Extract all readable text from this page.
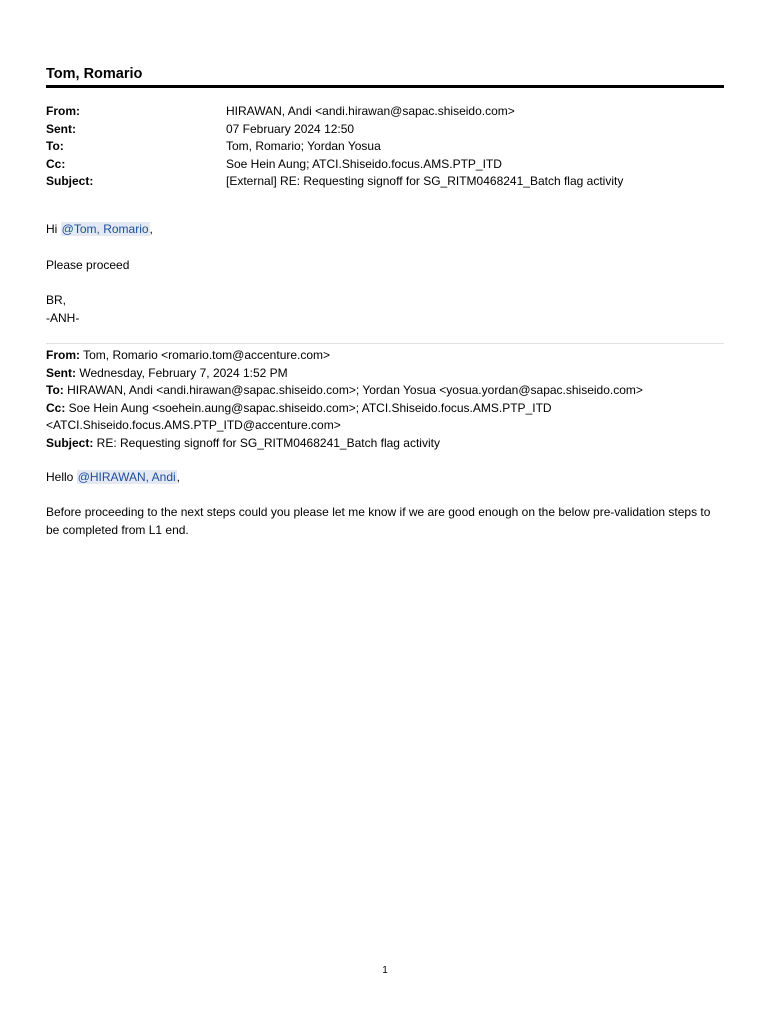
Tom, Romario
From:	HIRAWAN, Andi <andi.hirawan@sapac.shiseido.com>
Sent:	07 February 2024 12:50
To:	Tom, Romario; Yordan Yosua
Cc:	Soe Hein Aung; ATCI.Shiseido.focus.AMS.PTP_ITD
Subject:	[External] RE: Requesting signoff for SG_RITM0468241_Batch flag activity
Hi @Tom, Romario,
Please proceed
BR,
-ANH-
From: Tom, Romario <romario.tom@accenture.com>
Sent: Wednesday, February 7, 2024 1:52 PM
To: HIRAWAN, Andi <andi.hirawan@sapac.shiseido.com>; Yordan Yosua <yosua.yordan@sapac.shiseido.com>
Cc: Soe Hein Aung <soehein.aung@sapac.shiseido.com>; ATCI.Shiseido.focus.AMS.PTP_ITD
<ATCI.Shiseido.focus.AMS.PTP_ITD@accenture.com>
Subject: RE: Requesting signoff for SG_RITM0468241_Batch flag activity
Hello @HIRAWAN, Andi,
Before proceeding to the next steps could you please let me know if we are good enough on the below pre-validation steps to be completed from L1 end.
1
